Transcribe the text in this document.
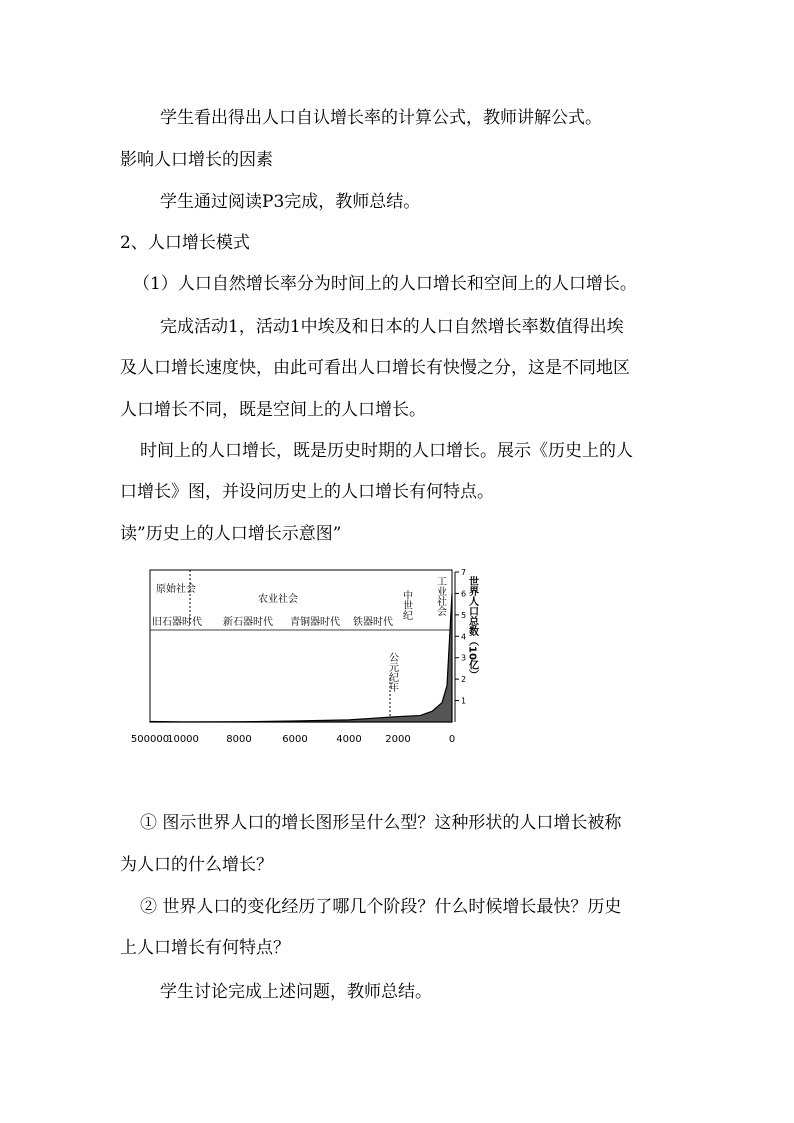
学生看出得出人口自认增长率的计算公式，教师讲解公式。
影响人口增长的因素
学生通过阅读P3完成，教师总结。
2、人口增长模式
（1）人口自然增长率分为时间上的人口增长和空间上的人口增长。
完成活动1，活动1中埃及和日本的人口自然增长率数值得出埃
及人口增长速度快，由此可看出人口增长有快慢之分，这是不同地区
人口增长不同，既是空间上的人口增长。
时间上的人口增长，既是历史时期的人口增长。展示《历史上的人
口增长》图，并设问历史上的人口增长有何特点。
读”历史上的人口增长示意图”
500000
10000	8000	6000	4000 2000	0
1
2
3
4
5
6
7
原始社会
农业社会	中世纪 工业社会
旧石器时代 新石器时代 青铜器时代 铁器时代
公元纪年	世界人口总数（10亿）
① 图示世界人口的增长图形呈什么型？这种形状的人口增长被称
为人口的什么增长？
② 世界人口的变化经历了哪几个阶段？什么时候增长最快？历史
上人口增长有何特点？
学生讨论完成上述问题，教师总结。
